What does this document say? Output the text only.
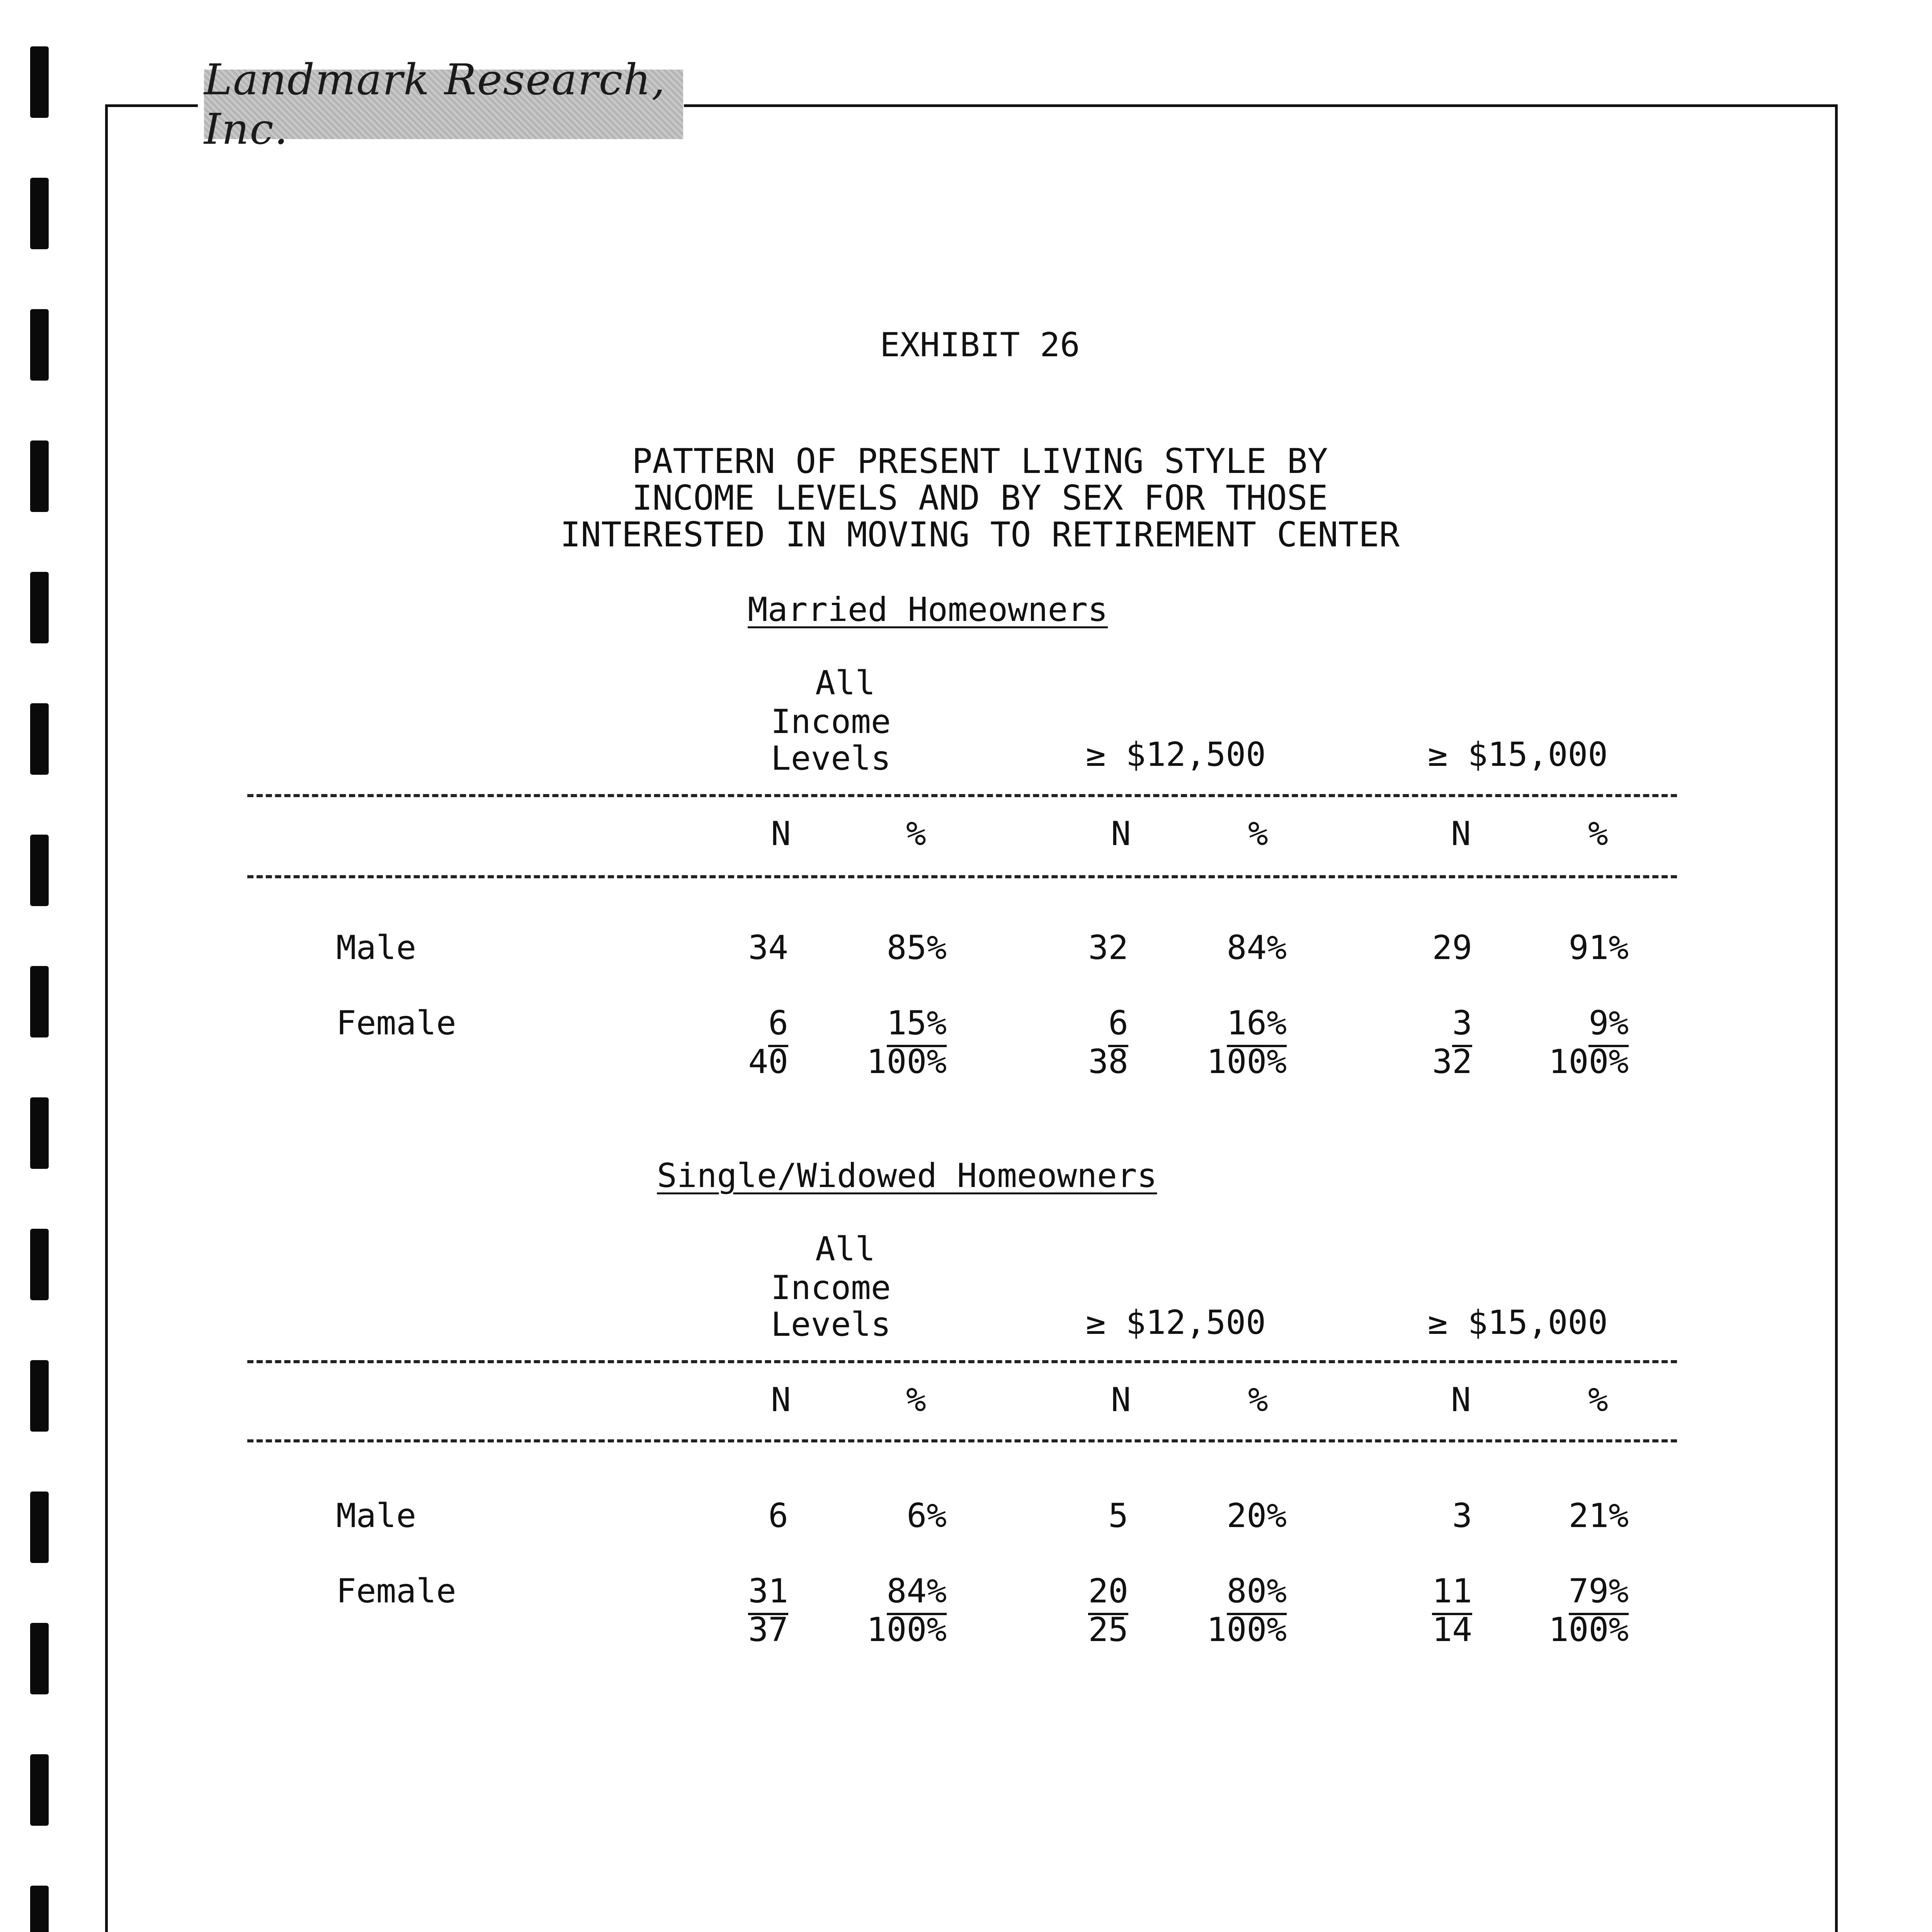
Landmark Research, Inc.
EXHIBIT 26
PATTERN OF PRESENT LIVING STYLE BY
INCOME LEVELS AND BY SEX FOR THOSE
INTERESTED IN MOVING TO RETIREMENT CENTER
Married Homeowners
All
Income
Levels	≥ $12,500	≥ $15,000
N	%	N	%	N	%
Male	34	85%	32	84%	29	91%
Female	6	15%	6	16%	3	9%
40	100%	38	100%	32	100%
Single/Widowed Homeowners
All
Income
Levels	≥ $12,500	≥ $15,000
N	%	N	%	N	%
Male	6	6%	5	20%	3	21%
Female	31	84%	20	80%	11	79%
37	100%	25	100%	14	100%
